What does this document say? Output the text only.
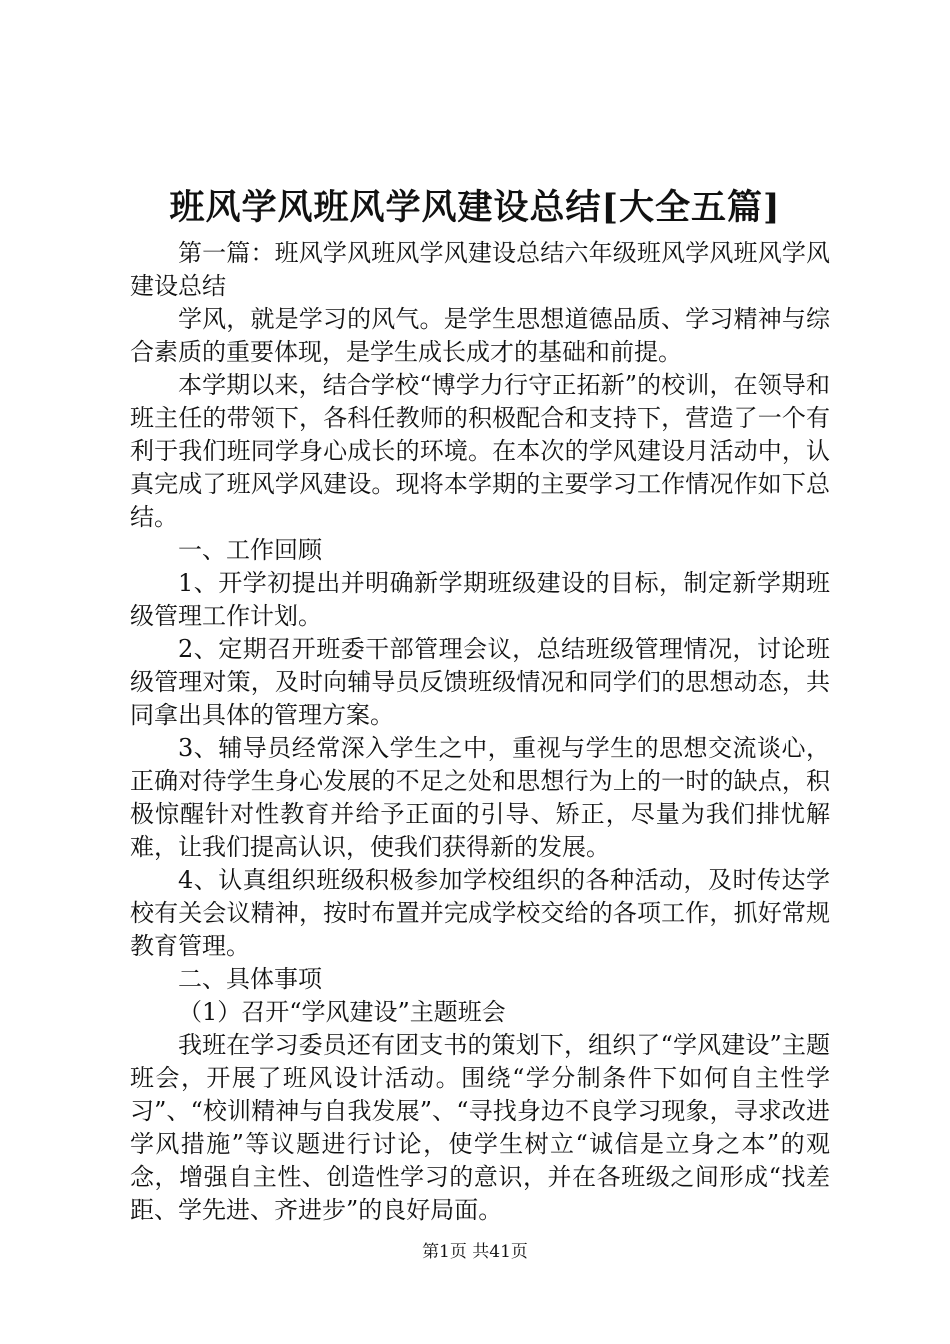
班风学风班风学风建设总结[大全五篇]

第一篇：班风学风班风学风建设总结六年级班风学风班风学风建设总结

学风，就是学习的风气。是学生思想道德品质、学习精神与综合素质的重要体现，是学生成长成才的基础和前提。

本学期以来，结合学校“博学力行守正拓新”的校训，在领导和班主任的带领下，各科任教师的积极配合和支持下，营造了一个有利于我们班同学身心成长的环境。在本次的学风建设月活动中，认真完成了班风学风建设。现将本学期的主要学习工作情况作如下总结。

一、工作回顾

1、开学初提出并明确新学期班级建设的目标，制定新学期班级管理工作计划。

2、定期召开班委干部管理会议，总结班级管理情况，讨论班级管理对策，及时向辅导员反馈班级情况和同学们的思想动态，共同拿出具体的管理方案。

3、辅导员经常深入学生之中，重视与学生的思想交流谈心，正确对待学生身心发展的不足之处和思想行为上的一时的缺点，积极惊醒针对性教育并给予正面的引导、矫正，尽量为我们排忧解难，让我们提高认识，使我们获得新的发展。

4、认真组织班级积极参加学校组织的各种活动，及时传达学校有关会议精神，按时布置并完成学校交给的各项工作，抓好常规教育管理。

二、具体事项

（1）召开“学风建设”主题班会

我班在学习委员还有团支书的策划下，组织了“学风建设”主题班会，开展了班风设计活动。围绕“学分制条件下如何自主性学习”、“校训精神与自我发展”、“寻找身边不良学习现象，寻求改进学风措施”等议题进行讨论，使学生树立“诚信是立身之本”的观念，增强自主性、创造性学习的意识，并在各班级之间形成“找差距、学先进、齐进步”的良好局面。

第1页 共41页
